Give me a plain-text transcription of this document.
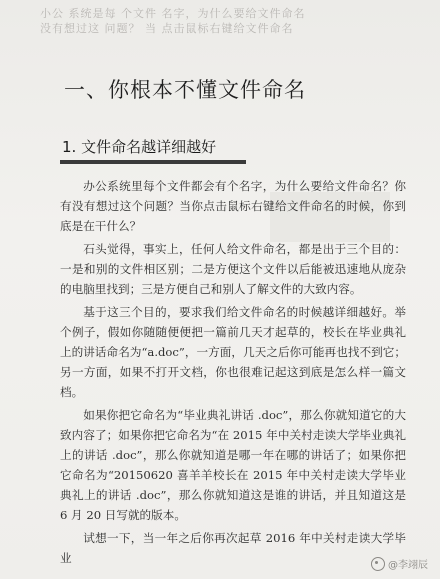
小公 系统是每 个文件 名字，为什么要给文件命名
没有想过这 问题？ 当 点击鼠标右键给文件命名
一、你根本不懂文件命名
1. 文件命名越详细越好

办公系统里每个文件都会有个名字，为什么要给文件命名？你有没有想过这个问题？当你点击鼠标右键给文件命名的时候，你到底是在干什么？

石头觉得，事实上，任何人给文件命名，都是出于三个目的：一是和别的文件相区别；二是方便这个文件以后能被迅速地从庞杂的电脑里找到；三是方便自己和别人了解文件的大致内容。

基于这三个目的，要求我们给文件命名的时候越详细越好。举个例子，假如你随随便便把一篇前几天才起草的，校长在毕业典礼上的讲话命名为“a.doc”，一方面，几天之后你可能再也找不到它；另一方面，如果不打开文档，你也很难记起这到底是怎么样一篇文档。

如果你把它命名为“毕业典礼讲话 .doc”，那么你就知道它的大致内容了；如果你把它命名为“在 2015 年中关村走读大学毕业典礼上的讲话 .doc”，那么你就知道是哪一年在哪的讲话了；如果你把它命名为“20150620 喜羊羊校长在 2015 年中关村走读大学毕业典礼上的讲话 .doc”，那么你就知道这是谁的讲话，并且知道这是 6 月 20 日写就的版本。

试想一下，当一年之后你再次起草 2016 年中关村走读大学毕业

@李翊辰
